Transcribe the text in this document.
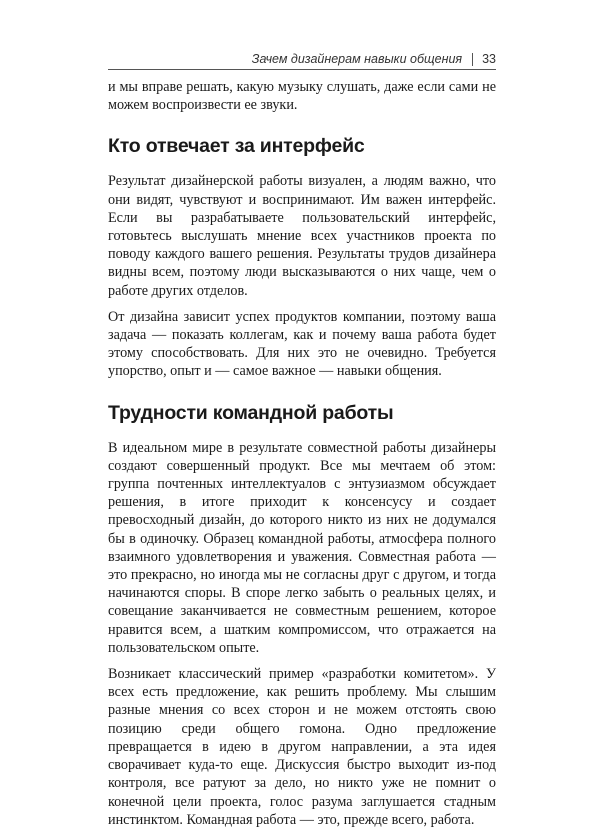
Зачем дизайнерам навыки общения 33

и мы вправе решать, какую музыку слушать, даже если сами не можем воспроизвести ее звуки.

Кто отвечает за интерфейс

Результат дизайнерской работы визуален, а людям важно, что они видят, чувствуют и воспринимают. Им важен интерфейс. Если вы разрабатываете пользовательский интерфейс, готовьтесь выслушать мнение всех участников проекта по поводу каждого вашего решения. Результаты трудов дизайнера видны всем, поэтому люди высказываются о них чаще, чем о работе других отделов.

От дизайна зависит успех продуктов компании, поэтому ваша задача — показать коллегам, как и почему ваша работа будет этому способствовать. Для них это не очевидно. Требуется упорство, опыт и — самое важное — навыки общения.

Трудности командной работы

В идеальном мире в результате совместной работы дизайнеры создают совершенный продукт. Все мы мечтаем об этом: группа почтенных интеллектуалов с энтузиазмом обсуждает решения, в итоге приходит к консенсусу и создает превосходный дизайн, до которого никто из них не додумался бы в одиночку. Образец командной работы, атмосфера полного взаимного удовлетворения и уважения. Совместная работа — это прекрасно, но иногда мы не согласны друг с другом, и тогда начинаются споры. В споре легко забыть о реальных целях, и совещание заканчивается не совместным решением, которое нравится всем, а шатким компромиссом, что отражается на пользовательском опыте.

Возникает классический пример «разработки комитетом». У всех есть предложение, как решить проблему. Мы слышим разные мнения со всех сторон и не можем отстоять свою позицию среди общего гомона. Одно предложение превращается в идею в другом направлении, а эта идея сворачивает куда-то еще. Дискуссия быстро выходит из-под контроля, все ратуют за дело, но никто уже не помнит о конечной цели проекта, голос разума заглушается стадным инстинктом. Командная работа — это, прежде всего, работа.
